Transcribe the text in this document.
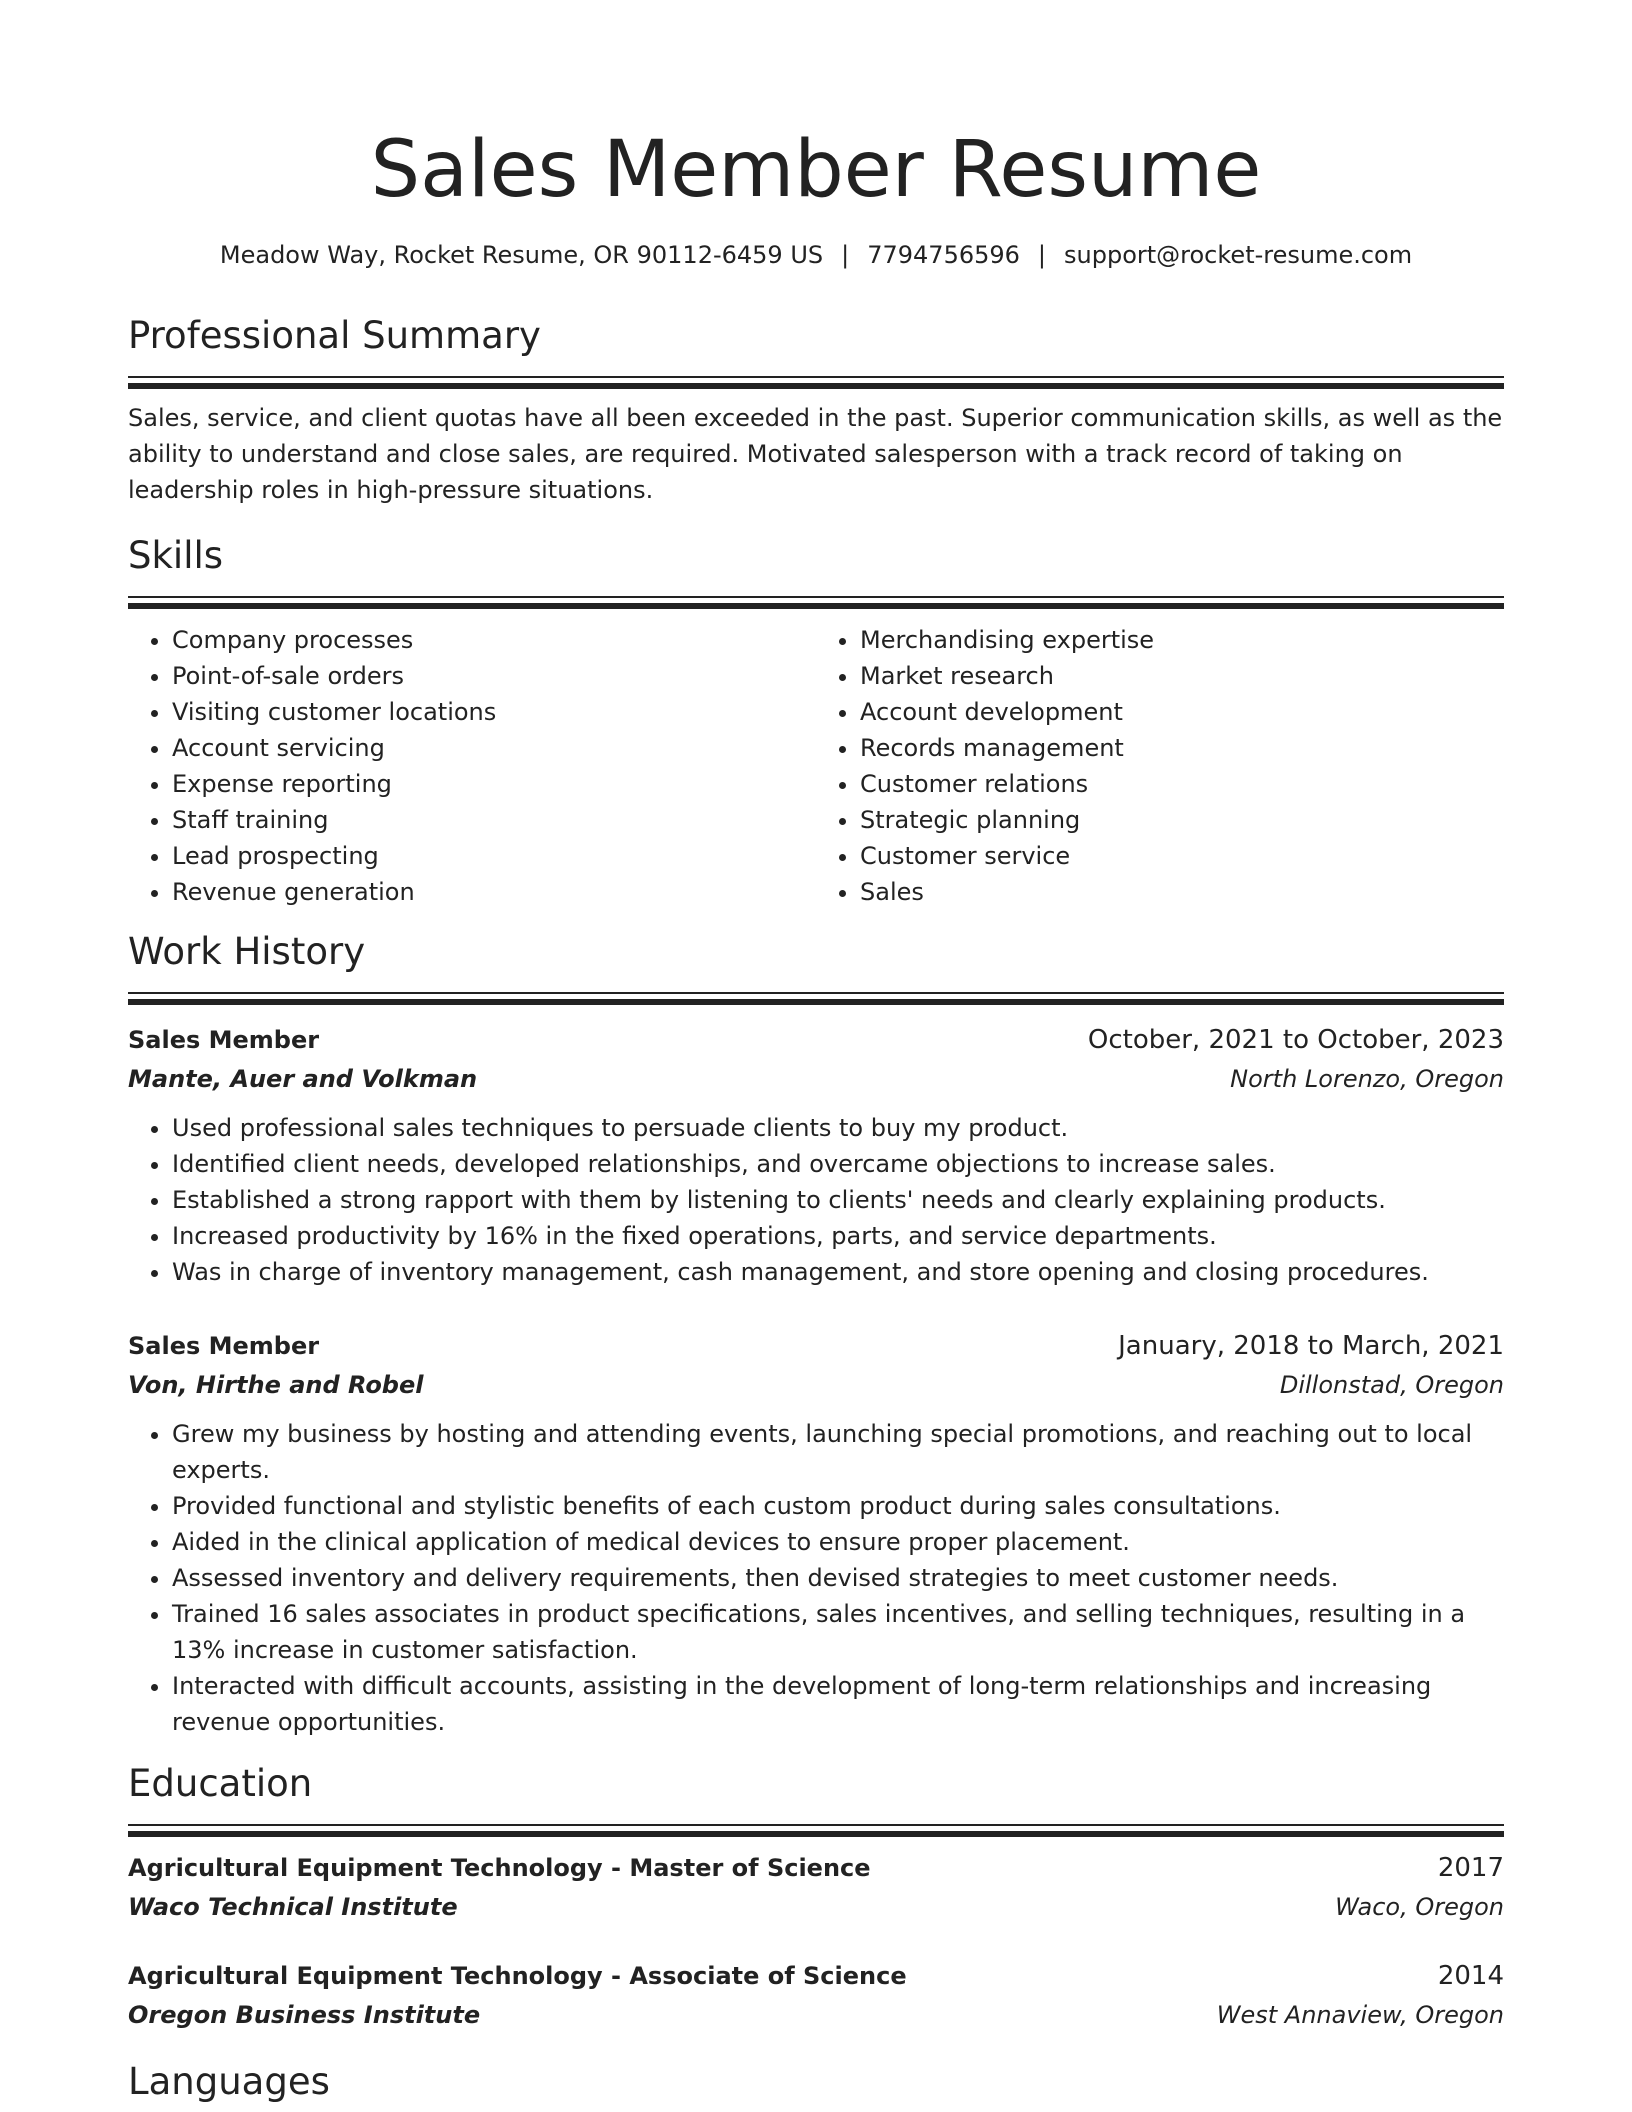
Sales Member Resume
Meadow Way, Rocket Resume, OR 90112-6459 US | 7794756596 | support@rocket-resume.com
Professional Summary

Sales, service, and client quotas have all been exceeded in the past. Superior communication skills, as well as the ability to understand and close sales, are required. Motivated salesperson with a track record of taking on leadership roles in high-pressure situations.

Skills
• Company processes
• Point-of-sale orders
• Visiting customer locations
• Account servicing
• Expense reporting
• Staff training
• Lead prospecting
• Revenue generation
• Merchandising expertise
• Market research
• Account development
• Records management
• Customer relations
• Strategic planning
• Customer service
• Sales
Work History
Sales Member	October, 2021 to October, 2023
Mante, Auer and Volkman	North Lorenzo, Oregon
• Used professional sales techniques to persuade clients to buy my product.
• Identified client needs, developed relationships, and overcame objections to increase sales.
• Established a strong rapport with them by listening to clients' needs and clearly explaining products.
• Increased productivity by 16% in the fixed operations, parts, and service departments.
• Was in charge of inventory management, cash management, and store opening and closing procedures.
Sales Member	January, 2018 to March, 2021
Von, Hirthe and Robel	Dillonstad, Oregon
• Grew my business by hosting and attending events, launching special promotions, and reaching out to local experts.
• Provided functional and stylistic benefits of each custom product during sales consultations.
• Aided in the clinical application of medical devices to ensure proper placement.
• Assessed inventory and delivery requirements, then devised strategies to meet customer needs.
• Trained 16 sales associates in product specifications, sales incentives, and selling techniques, resulting in a 13% increase in customer satisfaction.
• Interacted with difficult accounts, assisting in the development of long-term relationships and increasing revenue opportunities.
Education
Agricultural Equipment Technology - Master of Science	2017
Waco Technical Institute	Waco, Oregon
Agricultural Equipment Technology - Associate of Science	2014
Oregon Business Institute	West Annaview, Oregon
Languages
